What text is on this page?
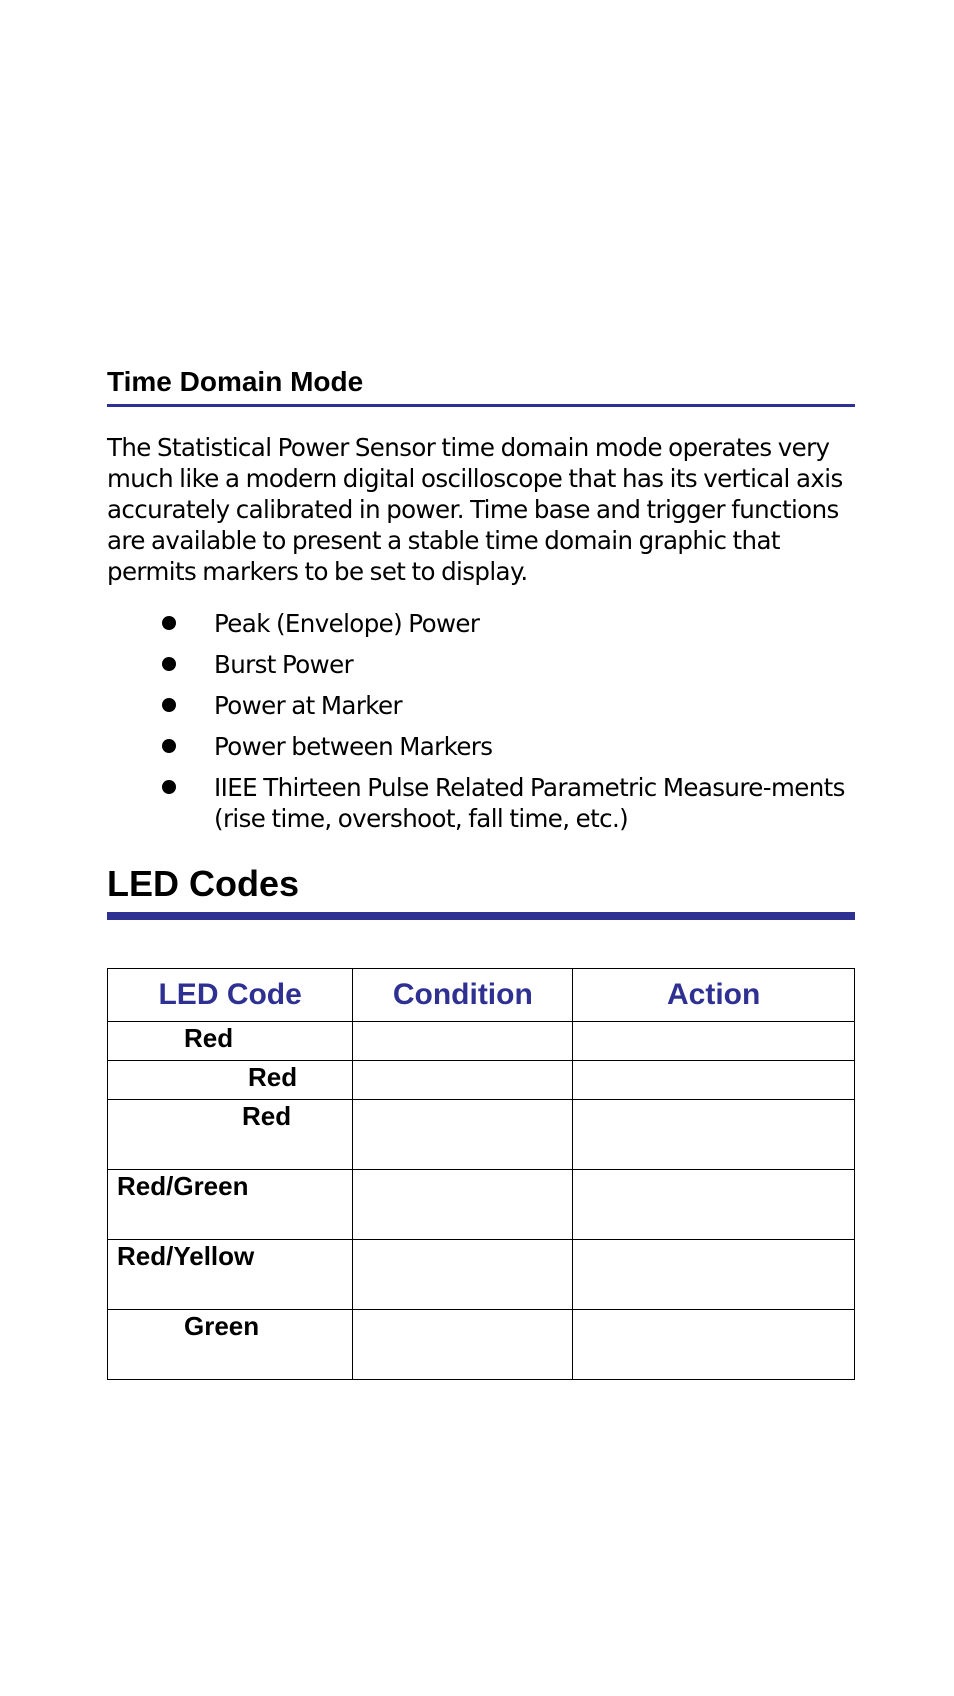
Time Domain Mode

The Statistical Power Sensor time domain mode operates very much like a modern digital oscilloscope that has its vertical axis accurately calibrated in power. Time base and trigger functions are available to present a stable time domain graphic that permits markers to be set to display.

Peak (Envelope) Power
Burst Power
Power at Marker
Power between Markers
IIEE Thirteen Pulse Related Parametric Measure-ments (rise time, overshoot, fall time, etc.)
LED Codes
LED Code	Condition	Action
Red		
Red		
Red		
Red/Green		
Red/Yellow		
Green		
